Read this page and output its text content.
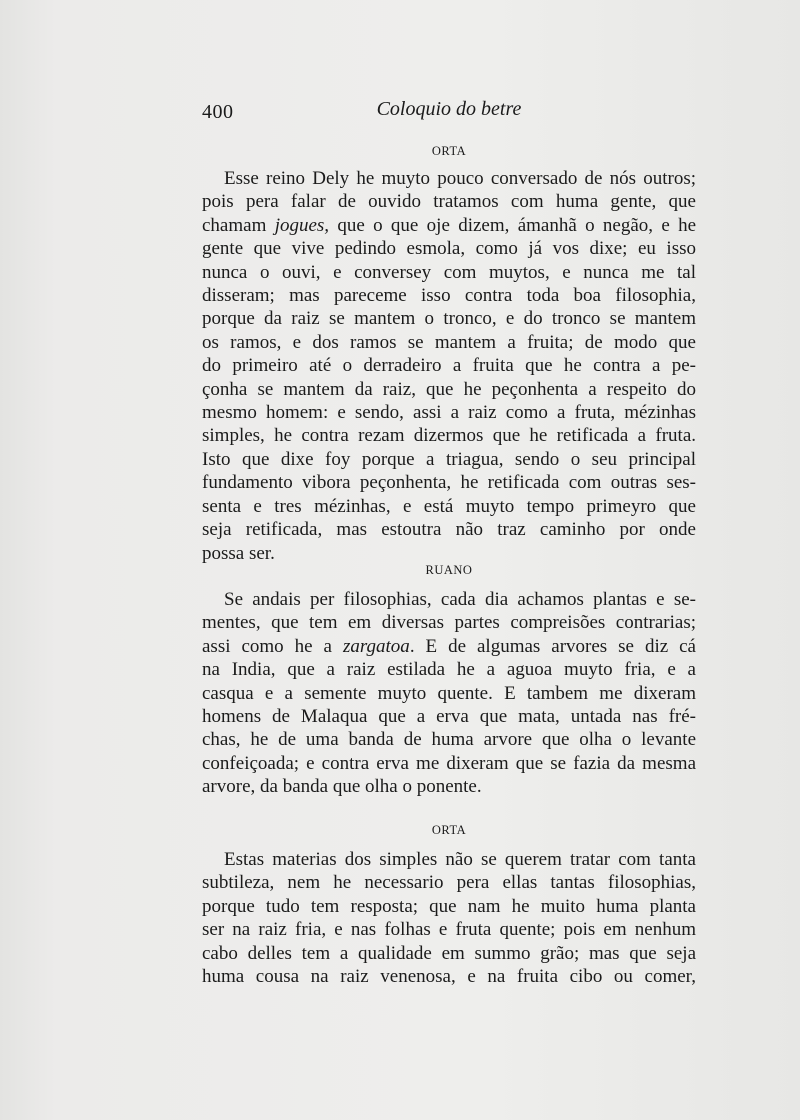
400	Coloquio do betre
ORTA
Esse reino Dely he muyto pouco conversado de nós outros;
pois pera falar de ouvido tratamos com huma gente, que
chamam jogues, que o que oje dizem, ámanhã o negão, e he
gente que vive pedindo esmola, como já vos dixe; eu isso
nunca o ouvi, e conversey com muytos, e nunca me tal
disseram; mas pareceme isso contra toda boa filosophia,
porque da raiz se mantem o tronco, e do tronco se mantem
os ramos, e dos ramos se mantem a fruita; de modo que
do primeiro até o derradeiro a fruita que he contra a pe-
çonha se mantem da raiz, que he peçonhenta a respeito do
mesmo homem: e sendo, assi a raiz como a fruta, mézinhas
simples, he contra rezam dizermos que he retificada a fruta.
Isto que dixe foy porque a triagua, sendo o seu principal
fundamento vibora peçonhenta, he retificada com outras ses-
senta e tres mézinhas, e está muyto tempo primeyro que
seja retificada, mas estoutra não traz caminho por onde
possa ser.
RUANO
Se andais per filosophias, cada dia achamos plantas e se-
mentes, que tem em diversas partes compreisões contrarias;
assi como he a zargatoa. E de algumas arvores se diz cá
na India, que a raiz estilada he a aguoa muyto fria, e a
casqua e a semente muyto quente. E tambem me dixeram
homens de Malaqua que a erva que mata, untada nas fré-
chas, he de uma banda de huma arvore que olha o levante
confeiçoada; e contra erva me dixeram que se fazia da mesma
arvore, da banda que olha o ponente.
ORTA
Estas materias dos simples não se querem tratar com tanta
subtileza, nem he necessario pera ellas tantas filosophias,
porque tudo tem resposta; que nam he muito huma planta
ser na raiz fria, e nas folhas e fruta quente; pois em nenhum
cabo delles tem a qualidade em summo grão; mas que seja
huma cousa na raiz venenosa, e na fruita cibo ou comer,
